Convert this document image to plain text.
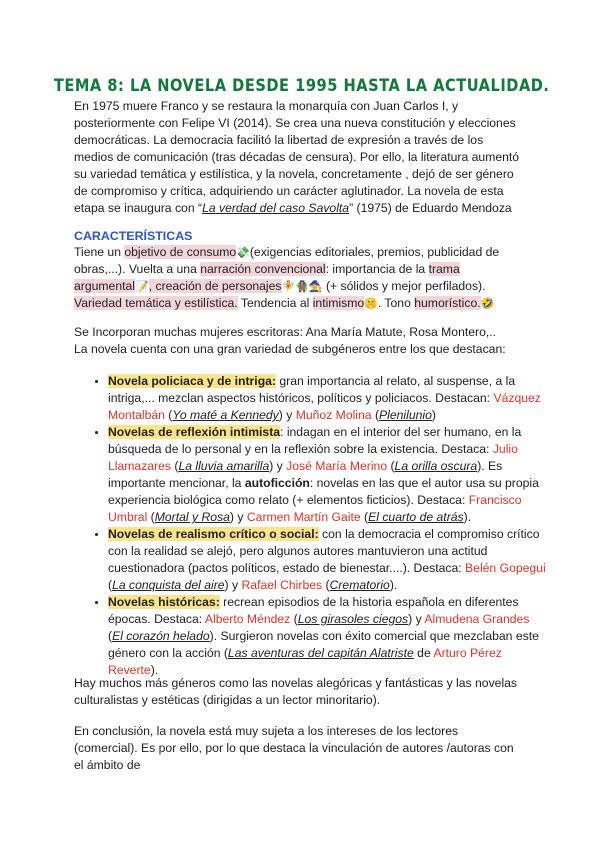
TEMA 8: LA NOVELA DESDE 1995 HASTA LA ACTUALIDAD.
En 1975 muere Franco y se restaura la monarquía con Juan Carlos I, y posteriormente con Felipe VI (2014). Se crea una nueva constitución y elecciones democráticas. La democracia facilitó la libertad de expresión a través de los medios de comunicación (tras décadas de censura). Por ello, la literatura aumentó su variedad temática y estilística, y la novela, concretamente , dejó de ser género de compromiso y crítica, adquiriendo un carácter aglutinador. La novela de esta etapa se inaugura con “La verdad del caso Savolta” (1975) de Eduardo Mendoza
CARACTERÍSTICAS
Tiene un objetivo de consumo💸(exigencias editoriales, premios, publicidad de obras,...). Vuelta a una narración convencional: importancia de la trama argumental📝, creación de personajes🧚🧌🧙 (+ sólidos y mejor perfilados). Variedad temática y estilística. Tendencia al intimismo🤫. Tono humorístico.🤣
Se Incorporan muchas mujeres escritoras: Ana María Matute, Rosa Montero,..
La novela cuenta con una gran variedad de subgéneros entre los que destacan:
• Novela policiaca y de intriga: gran importancia al relato, al suspense, a la intriga,... mezclan aspectos históricos, políticos y policiacos. Destacan: Vázquez Montalbán (Yo maté a Kennedy) y Muñoz Molina (Plenilunio)
• Novelas de reflexión intimista: indagan en el interior del ser humano, en la búsqueda de lo personal y en la reflexión sobre la existencia. Destaca: Julio Llamazares (La lluvia amarilla) y José María Merino (La orilla oscura). Es importante mencionar, la autoficción: novelas en las que el autor usa su propia experiencia biológica como relato (+ elementos ficticios). Destaca: Francisco Umbral (Mortal y Rosa) y Carmen Martín Gaite (El cuarto de atrás).
• Novelas de realismo crítico o social: con la democracia el compromiso crítico con la realidad se alejó, pero algunos autores mantuvieron una actitud cuestionadora (pactos políticos, estado de bienestar....). Destaca: Belén Gopegui (La conquista del aire) y Rafael Chirbes (Crematorio).
• Novelas históricas: recrean episodios de la historia española en diferentes épocas. Destaca: Alberto Méndez (Los girasoles ciegos) y Almudena Grandes (El corazón helado). Surgieron novelas con éxito comercial que mezclaban este género con la acción (Las aventuras del capitán Alatriste de Arturo Pérez Reverte).
Hay muchos más géneros como las novelas alegóricas y fantásticas y las novelas culturalistas y estéticas (dirigidas a un lector minoritario).
En conclusión, la novela está muy sujeta a los intereses de los lectores (comercial). Es por ello, por lo que destaca la vinculación de autores /autoras con el ámbito de
